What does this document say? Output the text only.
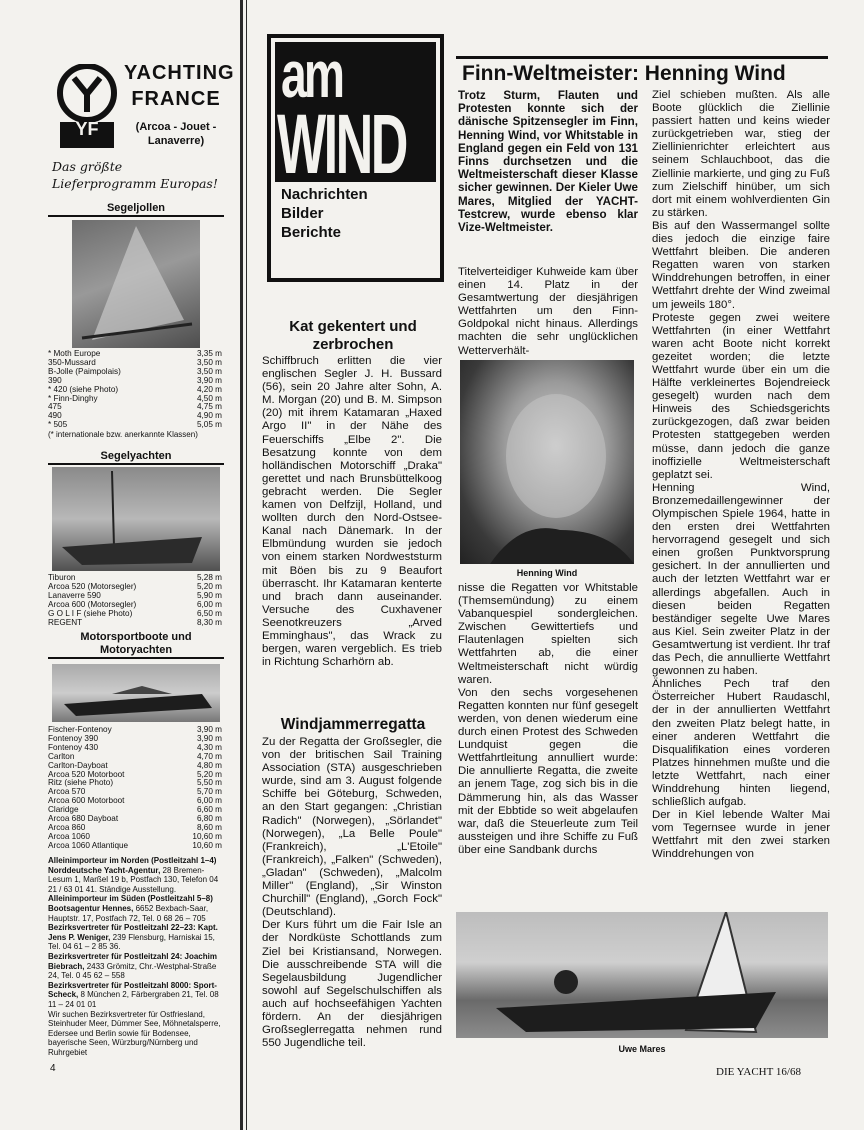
YF
YACHTING
FRANCE
(Arcoa - Jouet - Lanaverre)
Das größte Lieferprogramm Europas!
Segeljollen
* Moth Europe	3,35 m
350-Mussard	3,50 m
B-Jolle (Paimpolais)	3,50 m
390	3,90 m
* 420 (siehe Photo)	4,20 m
* Finn-Dinghy	4,50 m
475	4,75 m
490	4,90 m
* 505	5,05 m
(* internationale bzw. anerkannte Klassen)
Segelyachten
Tiburon	5,28 m
Arcoa 520 (Motorsegler)	5,20 m
Lanaverre 590	5,90 m
Arcoa 600 (Motorsegler)	6,00 m
G O L I F (siehe Photo)	6,50 m
REGENT	8,30 m
Motorsportboote und Motoryachten
Fischer-Fontenoy	3,90 m
Fontenoy 390	3,90 m
Fontenoy 430	4,30 m
Carlton	4,70 m
Carlton-Dayboat	4,80 m
Arcoa 520 Motorboot	5,20 m
Ritz (siehe Photo)	5,50 m
Arcoa 570	5,70 m
Arcoa 600 Motorboot	6,00 m
Claridge	6,60 m
Arcoa 680 Dayboat	6,80 m
Arcoa 860	8,60 m
Arcoa 1060	10,60 m
Arcoa 1060 Atlantique	10,60 m
Alleinimporteur im Norden (Postleitzahl 1–4) Norddeutsche Yacht-Agentur, 28 Bremen-Lesum 1, Marßel 19 b, Postfach 130, Telefon 04 21 / 63 01 41. Ständige Ausstellung.
Alleinimporteur im Süden (Postleitzahl 5–8) Bootsagentur Hennes, 6652 Bexbach-Saar, Hauptstr. 17, Postfach 72, Tel. 0 68 26 – 705
Bezirksvertreter für Postleitzahl 22–23: Kapt. Jens P. Weniger, 239 Flensburg, Harniskai 15, Tel. 04 61 – 2 85 36.
Bezirksvertreter für Postleitzahl 24: Joachim Biebrach, 2433 Grömitz, Chr.-Westphal-Straße 24, Tel. 0 45 62 – 558
Bezirksvertreter für Postleitzahl 8000: Sport-Scheck, 8 München 2, Färbergraben 21, Tel. 08 11 – 24 01 01
Wir suchen Bezirksvertreter für Ostfriesland, Steinhuder Meer, Dümmer See, Möhnetalsperre, Edersee und Berlin sowie für Bodensee, bayerische Seen, Würzburg/Nürnberg und Ruhrgebiet
am
WIND
Nachrichten
Bilder
Berichte
Kat gekentert und
zerbrochen

Schiffbruch erlitten die vier englischen Segler J. H. Bussard (56), sein 20 Jahre alter Sohn, A. M. Morgan (20) und B. M. Simpson (20) mit ihrem Katamaran „Haxed Argo II" in der Nähe des Feuerschiffs „Elbe 2". Die Besatzung konnte von dem holländischen Motorschiff „Draka" gerettet und nach Brunsbüttelkoog gebracht werden. Die Segler kamen von Delfzijl, Holland, und wollten durch den Nord-Ostsee-Kanal nach Dänemark. In der Elbmündung wurden sie jedoch von einem starken Nordweststurm mit Böen bis zu 9 Beaufort überrascht. Ihr Katamaran kenterte und brach dann auseinander. Versuche des Cuxhavener Seenotkreuzers „Arved Emminghaus", das Wrack zu bergen, waren vergeblich. Es trieb in Richtung Scharhörn ab.

Windjammerregatta

Zu der Regatta der Großsegler, die von der britischen Sail Training Association (STA) ausgeschrieben wurde, sind am 3. August folgende Schiffe bei Göteburg, Schweden, an den Start gegangen: „Christian Radich" (Norwegen), „Sörlandet" (Norwegen), „La Belle Poule" (Frankreich), „L'Etoile" (Frankreich), „Falken" (Schweden), „Gladan" (Schweden), „Malcolm Miller" (England), „Sir Winston Churchill" (England), „Gorch Fock" (Deutschland).

Der Kurs führt um die Fair Isle an der Nordküste Schottlands zum Ziel bei Kristiansand, Norwegen. Die ausschreibende STA will die Segelausbildung Jugendlicher sowohl auf Segelschulschiffen als auch auf hochseefähigen Yachten fördern. An der diesjährigen Großseglerregatta nehmen rund 550 Jugendliche teil.

Finn-Weltmeister: Henning Wind
Trotz Sturm, Flauten und Protesten konnte sich der dänische Spitzensegler im Finn, Henning Wind, vor Whitstable in England gegen ein Feld von 131 Finns durchsetzen und die Weltmeisterschaft dieser Klasse sicher gewinnen. Der Kieler Uwe Mares, Mitglied der YACHT-Testcrew, wurde ebenso klar Vize-Weltmeister.
Titelverteidiger Kuhweide kam über einen 14. Platz in der Gesamtwertung der diesjährigen Wettfahrten um den Finn-Goldpokal nicht hinaus. Allerdings machten die sehr unglücklichen Wetterverhält-
Henning Wind

nisse die Regatten vor Whitstable (Themsemündung) zu einem Vabanquespiel sondergleichen. Zwischen Gewittertiefs und Flautenlagen spielten sich Wettfahrten ab, die einer Weltmeisterschaft nicht würdig waren.

Von den sechs vorgesehenen Regatten konnten nur fünf gesegelt werden, von denen wiederum eine durch einen Protest des Schweden Lundquist gegen die Wettfahrtleitung annulliert wurde: Die annullierte Regatta, die zweite an jenem Tage, zog sich bis in die Dämmerung hin, als das Wasser mit der Ebbtide so weit abgelaufen war, daß die Steuerleute zum Teil aussteigen und ihre Schiffe zu Fuß über eine Sandbank durchs

Ziel schieben mußten. Als alle Boote glücklich die Ziellinie passiert hatten und keins wieder zurückgetrieben war, stieg der Ziellinienrichter erleichtert aus seinem Schlauchboot, das die Ziellinie markierte, und ging zu Fuß zum Zielschiff hinüber, um sich dort mit einem wohlverdienten Gin zu stärken.

Bis auf den Wassermangel sollte dies jedoch die einzige faire Wettfahrt bleiben. Die anderen Regatten waren von starken Winddrehungen betroffen, in einer Wettfahrt drehte der Wind zweimal um jeweils 180°.

Proteste gegen zwei weitere Wettfahrten (in einer Wettfahrt waren acht Boote nicht korrekt gezeitet worden; die letzte Wettfahrt wurde über ein um die Hälfte verkleinertes Bojendreieck gesegelt) wurden nach dem Hinweis des Schiedsgerichts zurückgezogen, daß zwar beiden Protesten stattgegeben werden müsse, dann jedoch die ganze inoffizielle Weltmeisterschaft geplatzt sei.

Henning Wind, Bronzemedaillengewinner der Olympischen Spiele 1964, hatte in den ersten drei Wettfahrten hervorragend gesegelt und sich einen großen Punktvorsprung gesichert. In der annullierten und auch der letzten Wettfahrt war er allerdings abgefallen. Auch in diesen beiden Regatten beständiger segelte Uwe Mares aus Kiel. Sein zweiter Platz in der Gesamtwertung ist verdient. Ihr traf das Pech, die annullierte Wettfahrt gewonnen zu haben.

Ähnliches Pech traf den Österreicher Hubert Raudaschl, der in der annullierten Wettfahrt den zweiten Platz belegt hatte, in einer anderen Wettfahrt die Disqualifikation eines vorderen Platzes hinnehmen mußte und die letzte Wettfahrt, nach einer Winddrehung hinten liegend, schließlich aufgab.

Der in Kiel lebende Walter Mai vom Tegernsee wurde in jener Wettfahrt mit den zwei starken Winddrehungen von

Uwe Mares
4	DIE YACHT 16/68
